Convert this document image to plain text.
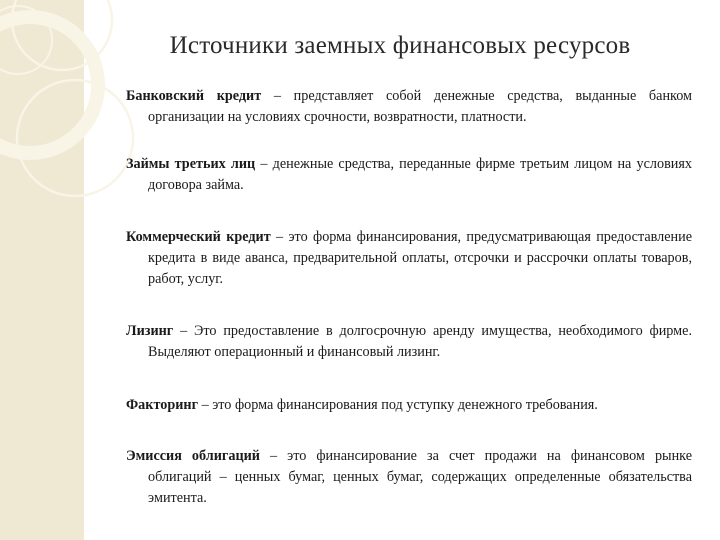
Источники заемных финансовых ресурсов
Банковский кредит – представляет собой денежные средства, выданные банком организации на условиях срочности, возвратности, платности.
Займы третьих лиц – денежные средства, переданные фирме третьим лицом на условиях договора займа.
Коммерческий кредит – это форма финансирования, предусматривающая предоставление кредита в виде аванса, предварительной оплаты, отсрочки и рассрочки оплаты товаров, работ, услуг.
Лизинг – Это предоставление в долгосрочную аренду имущества, необходимого фирме. Выделяют операционный и финансовый лизинг.
Факторинг – это форма финансирования под уступку денежного требования.
Эмиссия облигаций – это финансирование за счет продажи на финансовом рынке облигаций – ценных бумаг, ценных бумаг, содержащих определенные обязательства эмитента.
